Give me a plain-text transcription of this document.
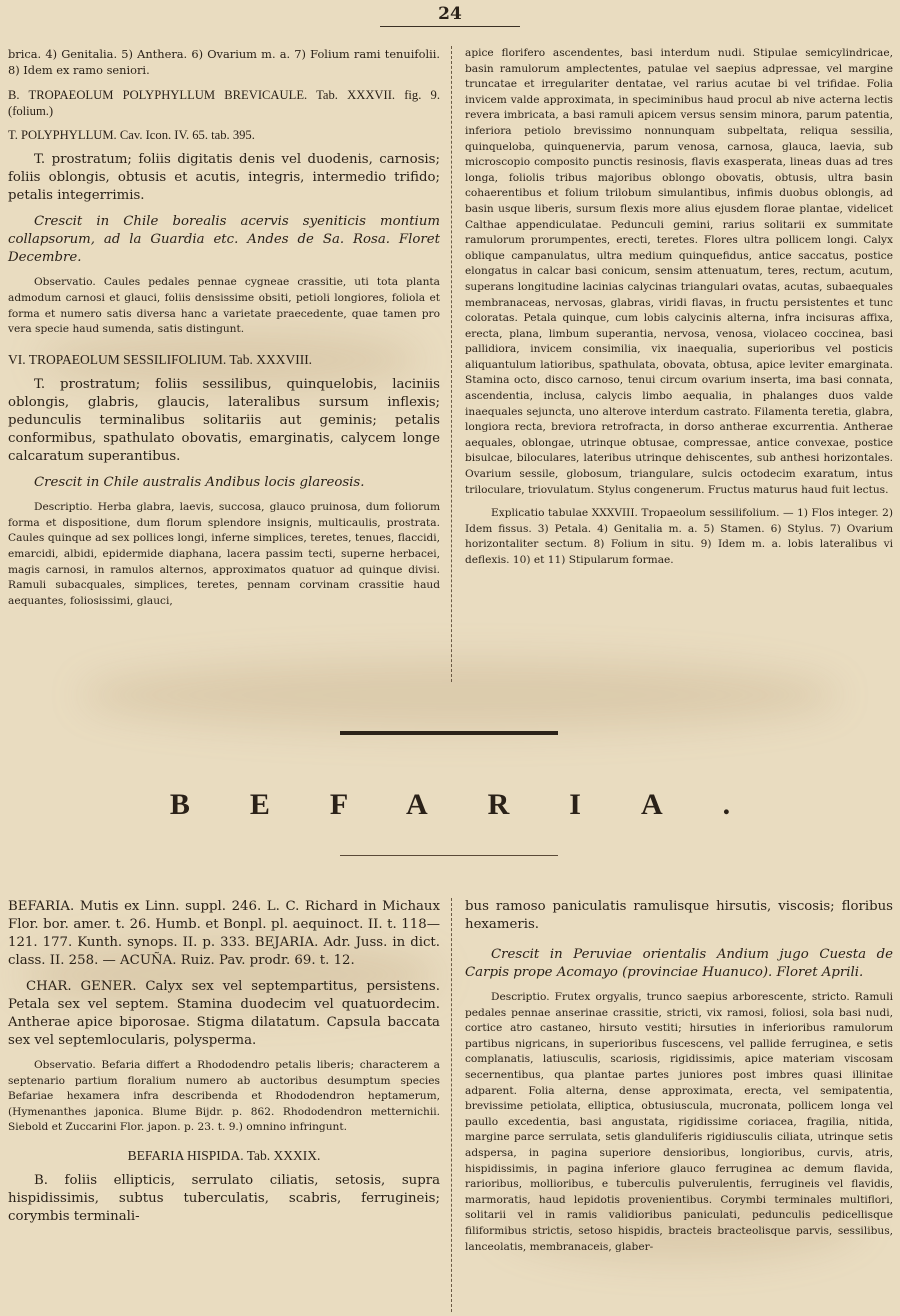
24

brica. 4) Genitalia. 5) Anthera. 6) Ovarium m. a. 7) Folium rami tenuifolii. 8) Idem ex ramo seniori.

B. TROPAEOLUM POLYPHYLLUM BREVICAULE. Tab. XXXVII. fig. 9. (folium.)

T. POLYPHYLLUM. Cav. Icon. IV. 65. tab. 395.

T. prostratum; foliis digitatis denis vel duodenis, carnosis; foliis oblongis, obtusis et acutis, integris, intermedio trifido; petalis integerrimis.

Crescit in Chile borealis acervis syeniticis montium collapsorum, ad la Guardia etc. Andes de Sa. Rosa. Floret Decembre.

Observatio. Caules pedales pennae cygneae crassitie, uti tota planta admodum carnosi et glauci, foliis densissime obsiti, petioli longiores, foliola et forma et numero satis diversa hanc a varietate praecedente, quae tamen pro vera specie haud sumenda, satis distingunt.

VI. TROPAEOLUM SESSILIFOLIUM. Tab. XXXVIII.

T. prostratum; foliis sessilibus, quinquelobis, laciniis oblongis, glabris, glaucis, lateralibus sursum inflexis; pedunculis terminalibus solitariis aut geminis; petalis conformibus, spathulato obovatis, emarginatis, calycem longe calcaratum superantibus.

Crescit in Chile australis Andibus locis glareosis.

Descriptio. Herba glabra, laevis, succosa, glauco pruinosa, dum foliorum forma et dispositione, dum florum splendore insignis, multicaulis, prostrata. Caules quinque ad sex pollices longi, inferne simplices, teretes, tenues, flaccidi, emarcidi, albidi, epidermide diaphana, lacera passim tecti, superne herbacei, magis carnosi, in ramulos alternos, approximatos quatuor ad quinque divisi. Ramuli subacquales, simplices, teretes, pennam corvinam crassitie haud aequantes, foliosissimi, glauci,

apice florifero ascendentes, basi interdum nudi. Stipulae semicylindricae, basin ramulorum amplectentes, patulae vel saepius adpressae, vel margine truncatae et irregulariter dentatae, vel rarius acutae bi vel trifidae. Folia invicem valde approximata, in speciminibus haud procul ab nive acterna lectis revera imbricata, a basi ramuli apicem versus sensim minora, parum patentia, inferiora petiolo brevissimo nonnunquam subpeltata, reliqua sessilia, quinqueloba, quinquenervia, parum venosa, carnosa, glauca, laevia, sub microscopio composito punctis resinosis, flavis exasperata, lineas duas ad tres longa, foliolis tribus majoribus oblongo obovatis, obtusis, ultra basin cohaerentibus et folium trilobum simulantibus, infimis duobus oblongis, ad basin usque liberis, sursum flexis more alius ejusdem florae plantae, videlicet Calthae appendiculatae. Pedunculi gemini, rarius solitarii ex summitate ramulorum prorumpentes, erecti, teretes. Flores ultra pollicem longi. Calyx oblique campanulatus, ultra medium quinquefidus, antice saccatus, postice elongatus in calcar basi conicum, sensim attenuatum, teres, rectum, acutum, superans longitudine lacinias calycinas triangulari ovatas, acutas, subaequales membranaceas, nervosas, glabras, viridi flavas, in fructu persistentes et tunc coloratas. Petala quinque, cum lobis calycinis alterna, infra incisuras affixa, erecta, plana, limbum superantia, nervosa, venosa, violaceo coccinea, basi pallidiora, invicem consimilia, vix inaequalia, superioribus vel posticis aliquantulum latioribus, spathulata, obovata, obtusa, apice leviter emarginata. Stamina octo, disco carnoso, tenui circum ovarium inserta, ima basi connata, ascendentia, inclusa, calycis limbo aequalia, in phalanges duos valde inaequales sejuncta, uno alterove interdum castrato. Filamenta teretia, glabra, longiora recta, breviora retrofracta, in dorso antherae excurrentia. Antherae aequales, oblongae, utrinque obtusae, compressae, antice convexae, postice bisulcae, biloculares, lateribus utrinque dehiscentes, sub anthesi horizontales. Ovarium sessile, globosum, triangulare, sulcis octodecim exaratum, intus triloculare, triovulatum. Stylus congenerum. Fructus maturus haud fuit lectus.

Explicatio tabulae XXXVIII. Tropaeolum sessilifolium. — 1) Flos integer. 2) Idem fissus. 3) Petala. 4) Genitalia m. a. 5) Stamen. 6) Stylus. 7) Ovarium horizontaliter sectum. 8) Folium in situ. 9) Idem m. a. lobis lateralibus vi deflexis. 10) et 11) Stipularum formae.

BEFARIA.

BEFARIA. Mutis ex Linn. suppl. 246. L. C. Richard in Michaux Flor. bor. amer. t. 26. Humb. et Bonpl. pl. aequinoct. II. t. 118—121. 177. Kunth. synops. II. p. 333. BEJARIA. Adr. Juss. in dict. class. II. 258. — ACUÑA. Ruiz. Pav. prodr. 69. t. 12.

CHAR. GENER. Calyx sex vel septempartitus, persistens. Petala sex vel septem. Stamina duodecim vel quatuordecim. Antherae apice biporosae. Stigma dilatatum. Capsula baccata sex vel septemlocularis, polysperma.

Observatio. Befaria differt a Rhododendro petalis liberis; characterem a septenario partium floralium numero ab auctoribus desumptum species Befariae hexamera infra describenda et Rhododendron heptamerum, (Hymenanthes japonica. Blume Bijdr. p. 862. Rhododendron metternichii. Siebold et Zuccarini Flor. japon. p. 23. t. 9.) omnino infringunt.

BEFARIA HISPIDA. Tab. XXXIX.

B. foliis ellipticis, serrulato ciliatis, setosis, supra hispidissimis, subtus tuberculatis, scabris, ferrugineis; corymbis terminali-

bus ramoso paniculatis ramulisque hirsutis, viscosis; floribus hexameris.

Crescit in Peruviae orientalis Andium jugo Cuesta de Carpis prope Acomayo (provinciae Huanuco). Floret Aprili.

Descriptio. Frutex orgyalis, trunco saepius arborescente, stricto. Ramuli pedales pennae anserinae crassitie, stricti, vix ramosi, foliosi, sola basi nudi, cortice atro castaneo, hirsuto vestiti; hirsuties in inferioribus ramulorum partibus nigricans, in superioribus fuscescens, vel pallide ferruginea, e setis complanatis, latiusculis, scariosis, rigidissimis, apice materiam viscosam secernentibus, qua plantae partes juniores post imbres quasi illinitae adparent. Folia alterna, dense approximata, erecta, vel semipatentia, brevissime petiolata, elliptica, obtusiuscula, mucronata, pollicem longa vel paullo excedentia, basi angustata, rigidissime coriacea, fragilia, nitida, margine parce serrulata, setis glanduliferis rigidiusculis ciliata, utrinque setis adspersa, in pagina superiore densioribus, longioribus, curvis, atris, hispidissimis, in pagina inferiore glauco ferruginea ac demum flavida, rarioribus, mollioribus, e tuberculis pulverulentis, ferrugineis vel flavidis, marmoratis, haud lepidotis provenientibus. Corymbi terminales multiflori, solitarii vel in ramis validioribus paniculati, pedunculis pedicellisque filiformibus strictis, setoso hispidis, bracteis bracteolisque parvis, sessilibus, lanceolatis, membranaceis, glaber-
